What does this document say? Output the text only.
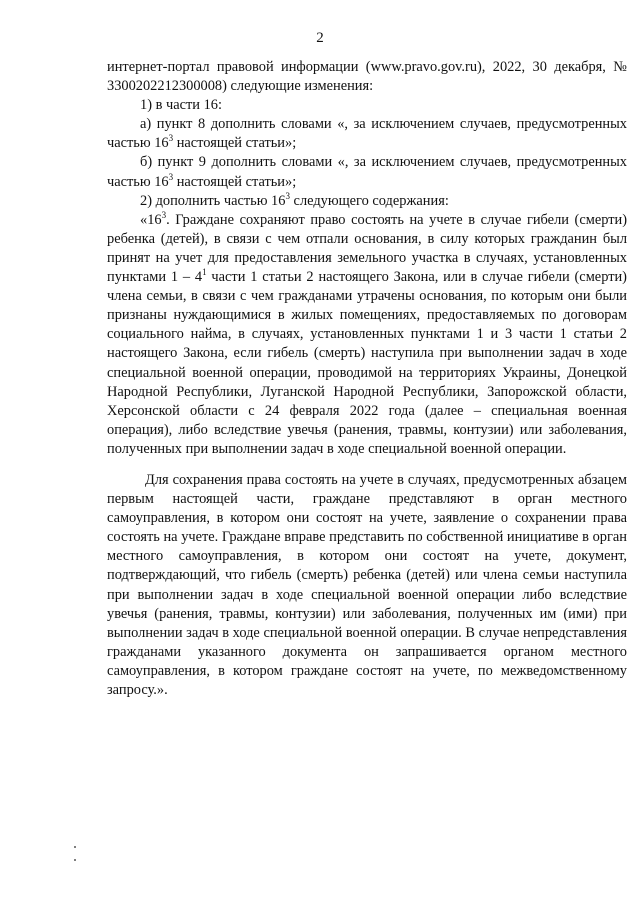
2

интернет-портал правовой информации (www.pravo.gov.ru), 2022, 30 декабря, № 3300202212300008) следующие изменения:

1) в части 16:

а) пункт 8 дополнить словами «, за исключением случаев, предусмотренных частью $16^3$ настоящей статьи»;

б) пункт 9 дополнить словами «, за исключением случаев, предусмотренных частью $16^3$ настоящей статьи»;

2) дополнить частью $16^3$ следующего содержания:

«$16^3$. Граждане сохраняют право состоять на учете в случае гибели (смерти) ребенка (детей), в связи с чем отпали основания, в силу которых гражданин был принят на учет для предоставления земельного участка в случаях, установленных пунктами $1 - 4^1$ части 1 статьи 2 настоящего Закона, или в случае гибели (смерти) члена семьи, в связи с чем гражданами утрачены основания, по которым они были признаны нуждающимися в жилых помещениях, предоставляемых по договорам социального найма, в случаях, установленных пунктами 1 и 3 части 1 статьи 2 настоящего Закона, если гибель (смерть) наступила при выполнении задач в ходе специальной военной операции, проводимой на территориях Украины, Донецкой Народной Республики, Луганской Народной Республики, Запорожской области, Херсонской области с 24 февраля 2022 года (далее – специальная военная операция), либо вследствие увечья (ранения, травмы, контузии) или заболевания, полученных при выполнении задач в ходе специальной военной операции.

Для сохранения права состоять на учете в случаях, предусмотренных абзацем первым настоящей части, граждане представляют в орган местного самоуправления, в котором они состоят на учете, заявление о сохранении права состоять на учете. Граждане вправе представить по собственной инициативе в орган местного самоуправления, в котором они состоят на учете, документ, подтверждающий, что гибель (смерть) ребенка (детей) или члена семьи наступила при выполнении задач в ходе специальной военной операции либо вследствие увечья (ранения, травмы, контузии) или заболевания, полученных им (ими) при выполнении задач в ходе специальной военной операции. В случае непредставления гражданами указанного документа он запрашивается органом местного самоуправления, в котором граждане состоят на учете, по межведомственному запросу.».
